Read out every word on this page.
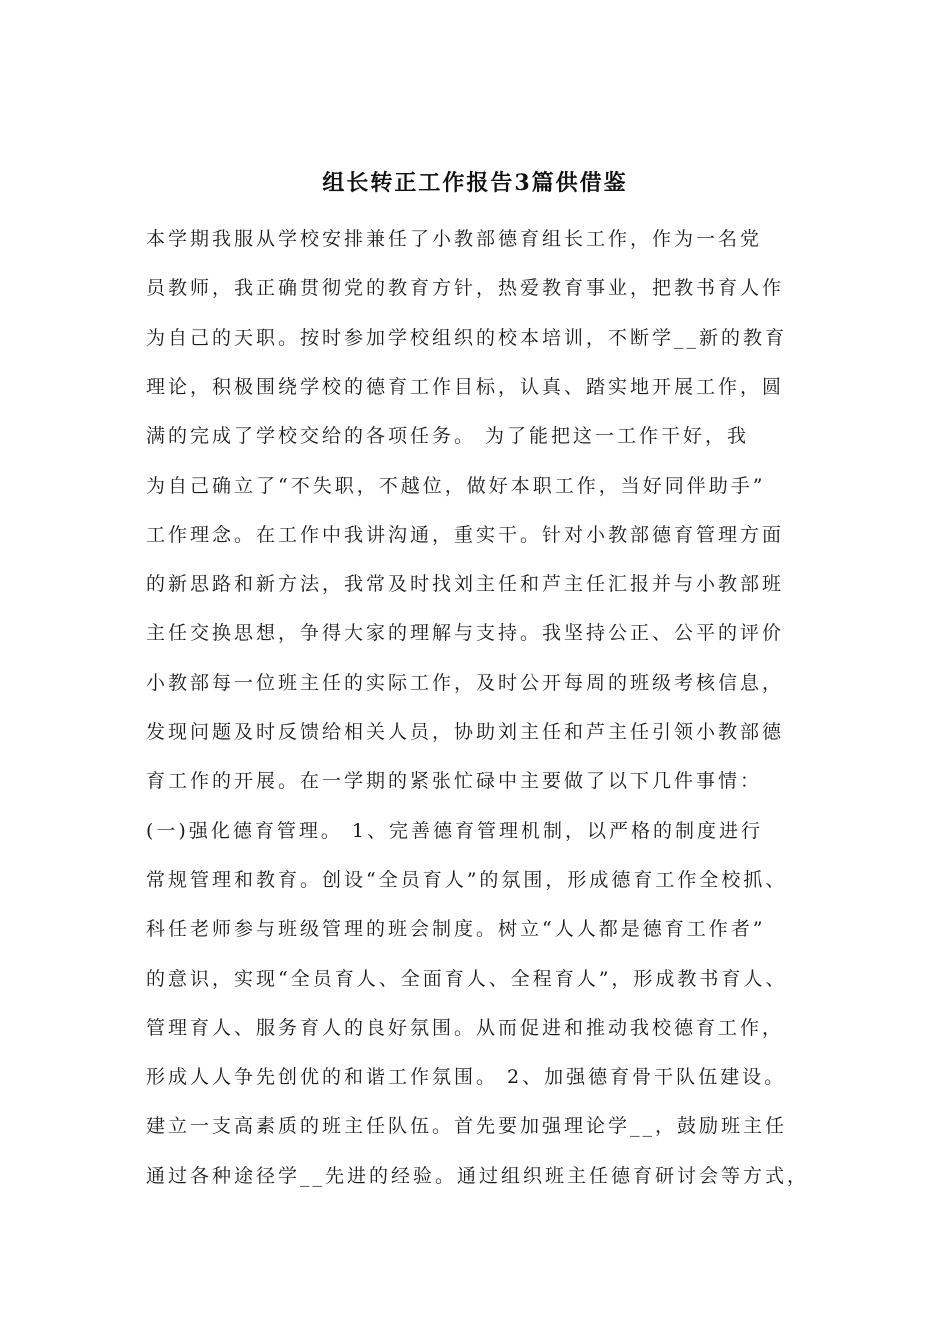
组长转正工作报告3篇供借鉴
本学期我服从学校安排兼任了小教部德育组长工作，作为一名党
员教师，我正确贯彻党的教育方针，热爱教育事业，把教书育人作
为自己的天职。按时参加学校组织的校本培训，不断学__新的教育
理论，积极围绕学校的德育工作目标，认真、踏实地开展工作，圆
满的完成了学校交给的各项任务。 为了能把这一工作干好，我
为自己确立了“不失职，不越位，做好本职工作，当好同伴助手”
工作理念。在工作中我讲沟通，重实干。针对小教部德育管理方面
的新思路和新方法，我常及时找刘主任和芦主任汇报并与小教部班
主任交换思想，争得大家的理解与支持。我坚持公正、公平的评价
小教部每一位班主任的实际工作，及时公开每周的班级考核信息，
发现问题及时反馈给相关人员，协助刘主任和芦主任引领小教部德
育工作的开展。在一学期的紧张忙碌中主要做了以下几件事情：
(一)强化德育管理。 1、完善德育管理机制，以严格的制度进行
常规管理和教育。创设“全员育人”的氛围，形成德育工作全校抓、
科任老师参与班级管理的班会制度。树立“人人都是德育工作者”
的意识，实现“全员育人、全面育人、全程育人”，形成教书育人、
管理育人、服务育人的良好氛围。从而促进和推动我校德育工作，
形成人人争先创优的和谐工作氛围。 2、加强德育骨干队伍建设。
建立一支高素质的班主任队伍。首先要加强理论学__，鼓励班主任
通过各种途径学__先进的经验。通过组织班主任德育研讨会等方式，
